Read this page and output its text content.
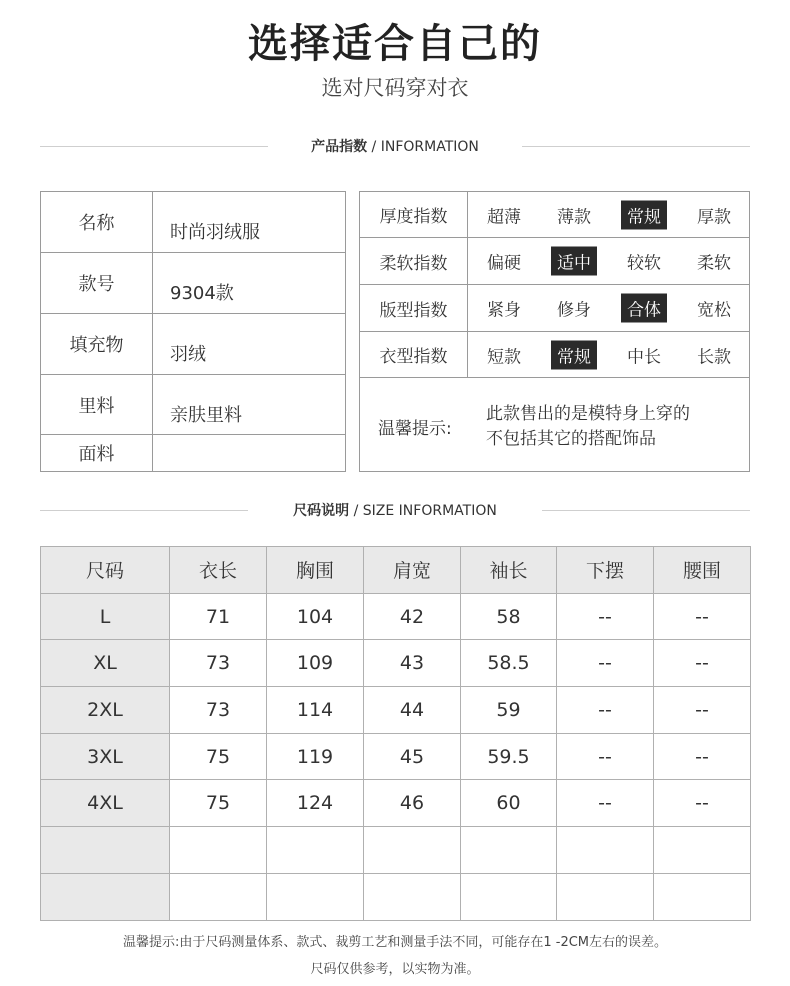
选择适合自己的
选对尺码穿对衣
产品指数 / INFORMATION
名称	时尚羽绒服
款号	9304款
填充物	羽绒
里料	亲肤里料
面料	
厚度指数	超薄	薄款	常规	厚款
柔软指数	偏硬	适中	较软	柔软
版型指数	紧身	修身	合体	宽松
衣型指数	短款	常规	中长	长款
温馨提示:
此款售出的是模特身上穿的
不包括其它的搭配饰品
尺码说明 / SIZE INFORMATION
尺码	衣长	胸围	肩宽	袖长	下摆	腰围
L	71	104	42	58	--	--
XL	73	109	43	58.5	--	--
2XL	73	114	44	59	--	--
3XL	75	119	45	59.5	--	--
4XL	75	124	46	60	--	--

温馨提示:由于尺码测量体系、款式、裁剪工艺和测量手法不同，可能存在1 -2CM左右的误差。
尺码仅供参考，以实物为准。
